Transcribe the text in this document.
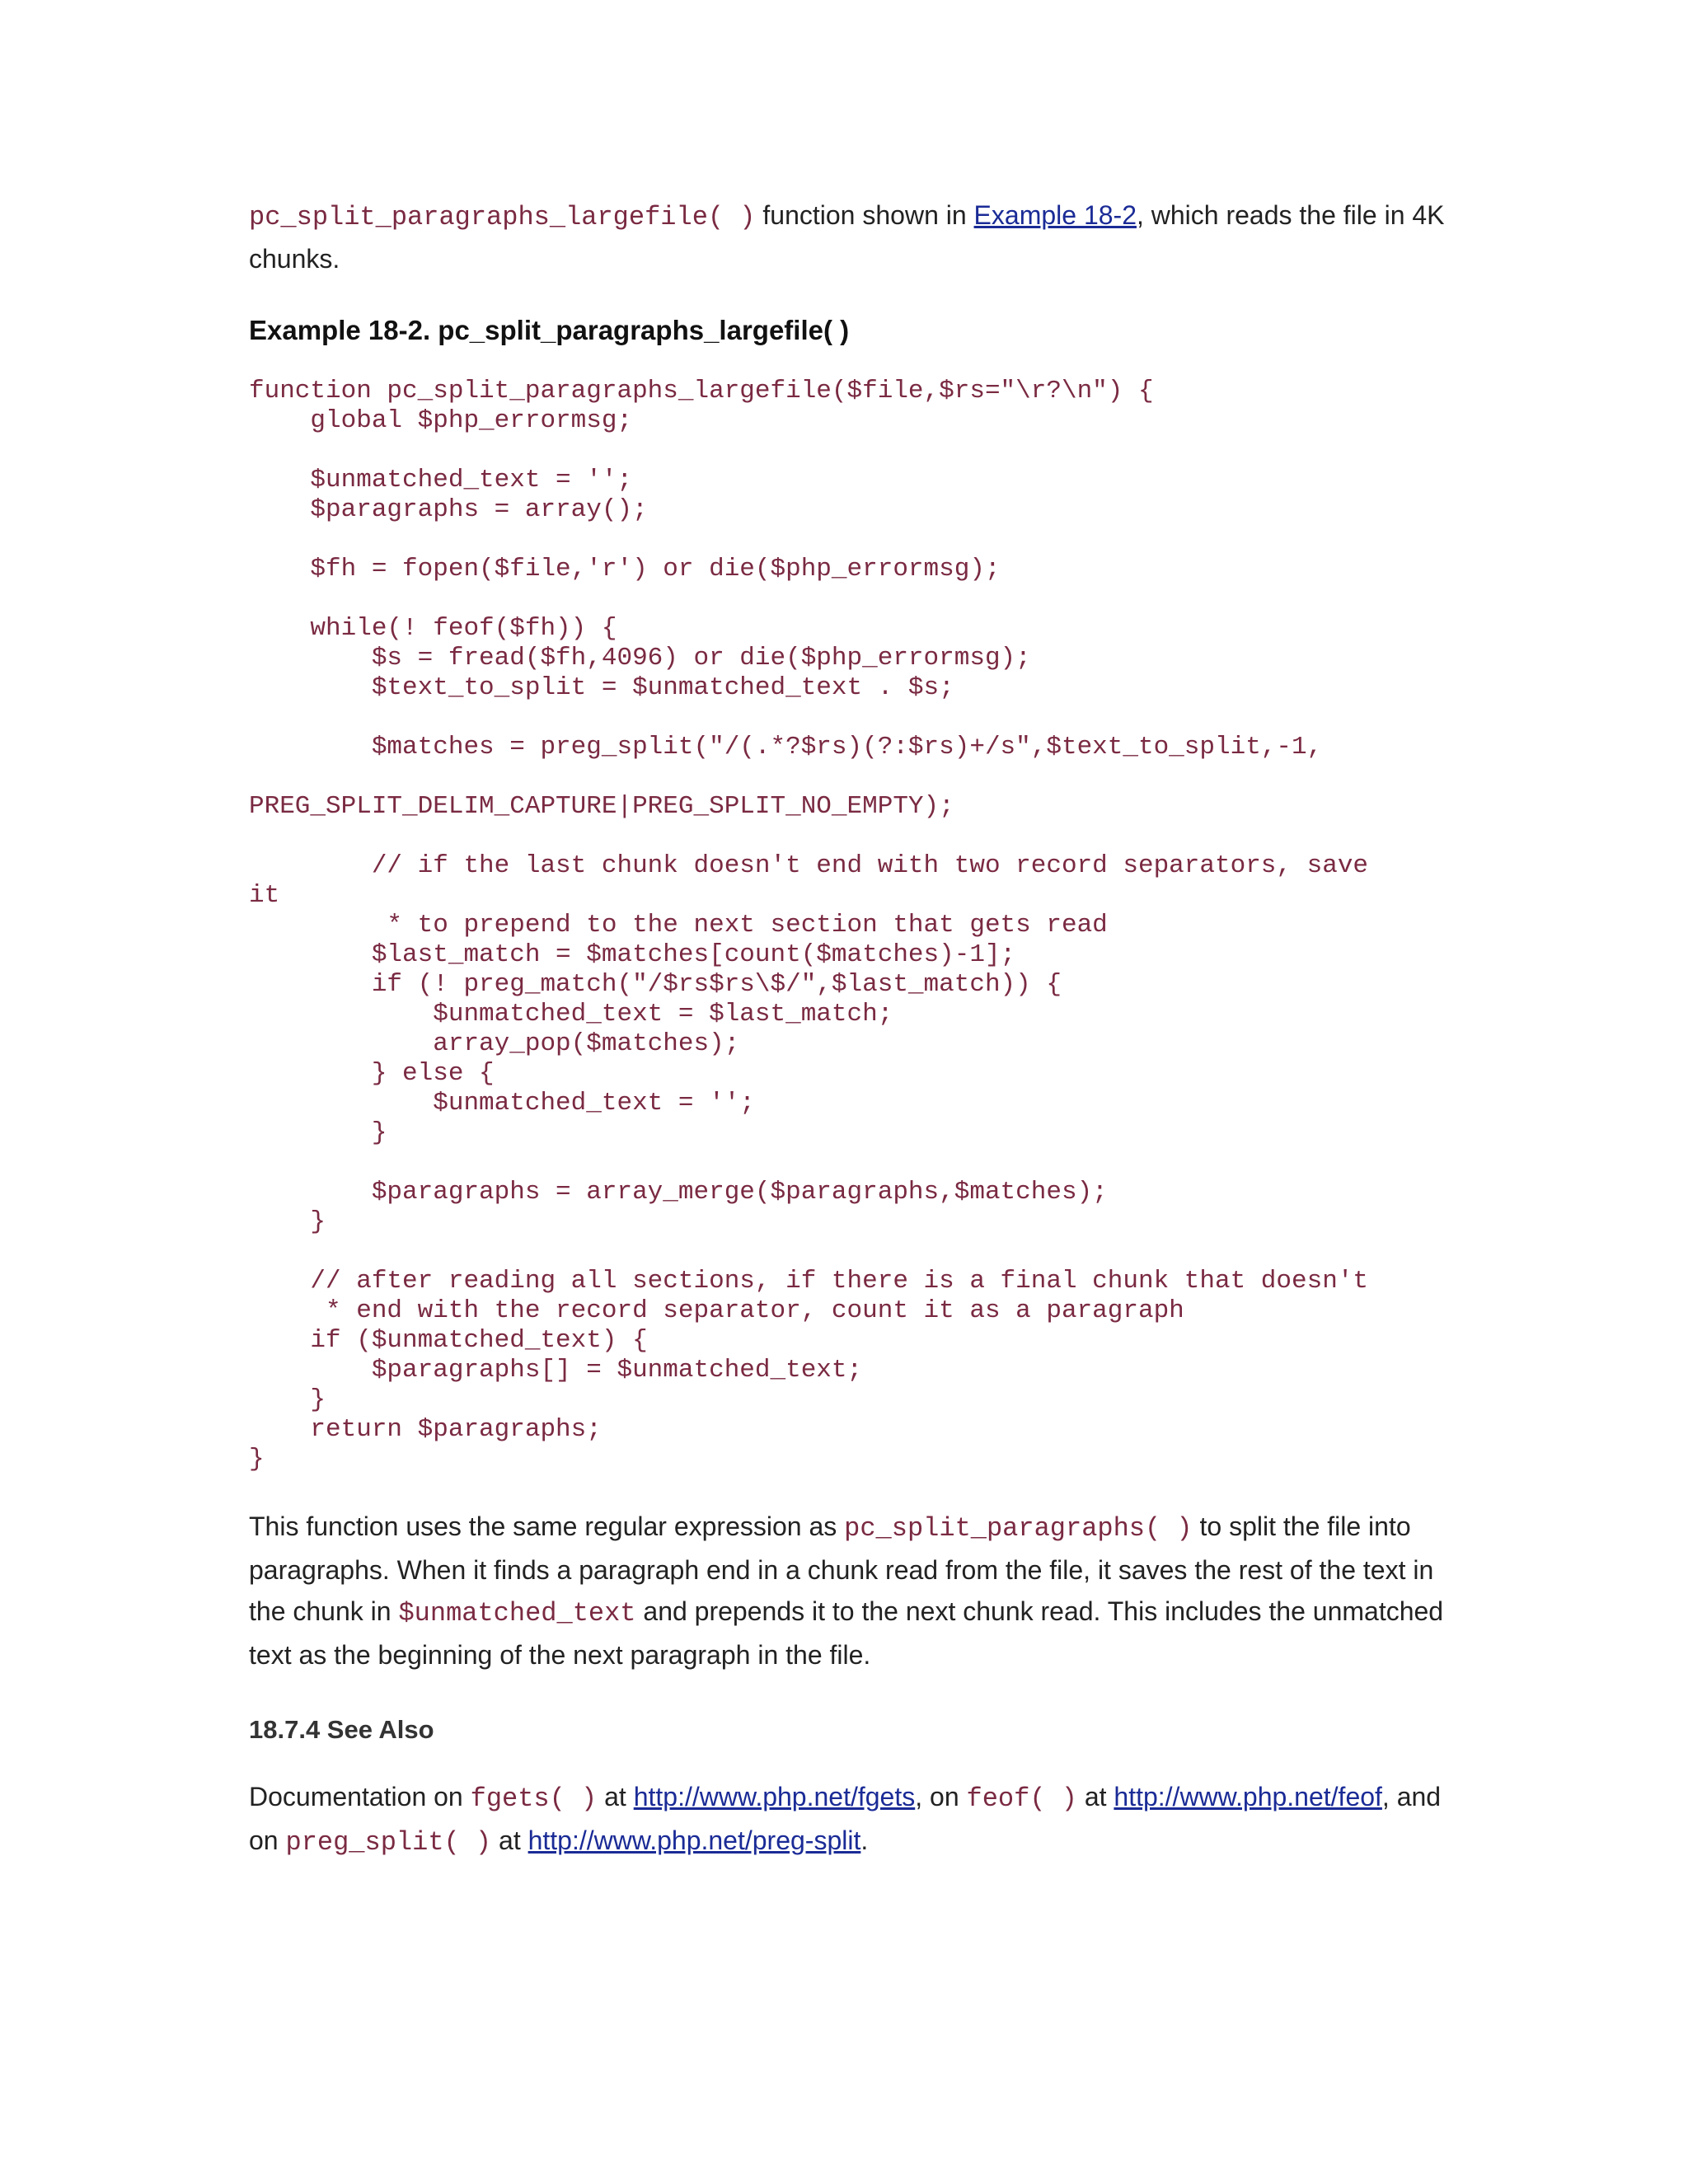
pc_split_paragraphs_largefile( ) function shown in Example 18-2, which reads the file in 4K chunks.

Example 18-2. pc_split_paragraphs_largefile( )
function pc_split_paragraphs_largefile($file,$rs="\r?\n") {
global $php_errormsg;

$unmatched_text = '';
$paragraphs = array();

$fh = fopen($file,'r') or die($php_errormsg);

while(! feof($fh)) {
$s = fread($fh,4096) or die($php_errormsg);
$text_to_split = $unmatched_text . $s;

$matches = preg_split("/(.*?$rs)(?:$rs)+/s",$text_to_split,-1,

PREG_SPLIT_DELIM_CAPTURE|PREG_SPLIT_NO_EMPTY);

// if the last chunk doesn't end with two record separators, save
it
* to prepend to the next section that gets read
$last_match = $matches[count($matches)-1];
if (! preg_match("/$rs$rs\$/",$last_match)) {
$unmatched_text = $last_match;
array_pop($matches);
} else {
$unmatched_text = '';
}

$paragraphs = array_merge($paragraphs,$matches);
}

// after reading all sections, if there is a final chunk that doesn't
* end with the record separator, count it as a paragraph
if ($unmatched_text) {
$paragraphs[] = $unmatched_text;
}
return $paragraphs;
}

This function uses the same regular expression as pc_split_paragraphs( ) to split the file into paragraphs. When it finds a paragraph end in a chunk read from the file, it saves the rest of the text in the chunk in $unmatched_text and prepends it to the next chunk read. This includes the unmatched text as the beginning of the next paragraph in the file.

18.7.4 See Also

Documentation on fgets( ) at http://www.php.net/fgets, on feof( ) at http://www.php.net/feof, and on preg_split( ) at http://www.php.net/preg-split.
